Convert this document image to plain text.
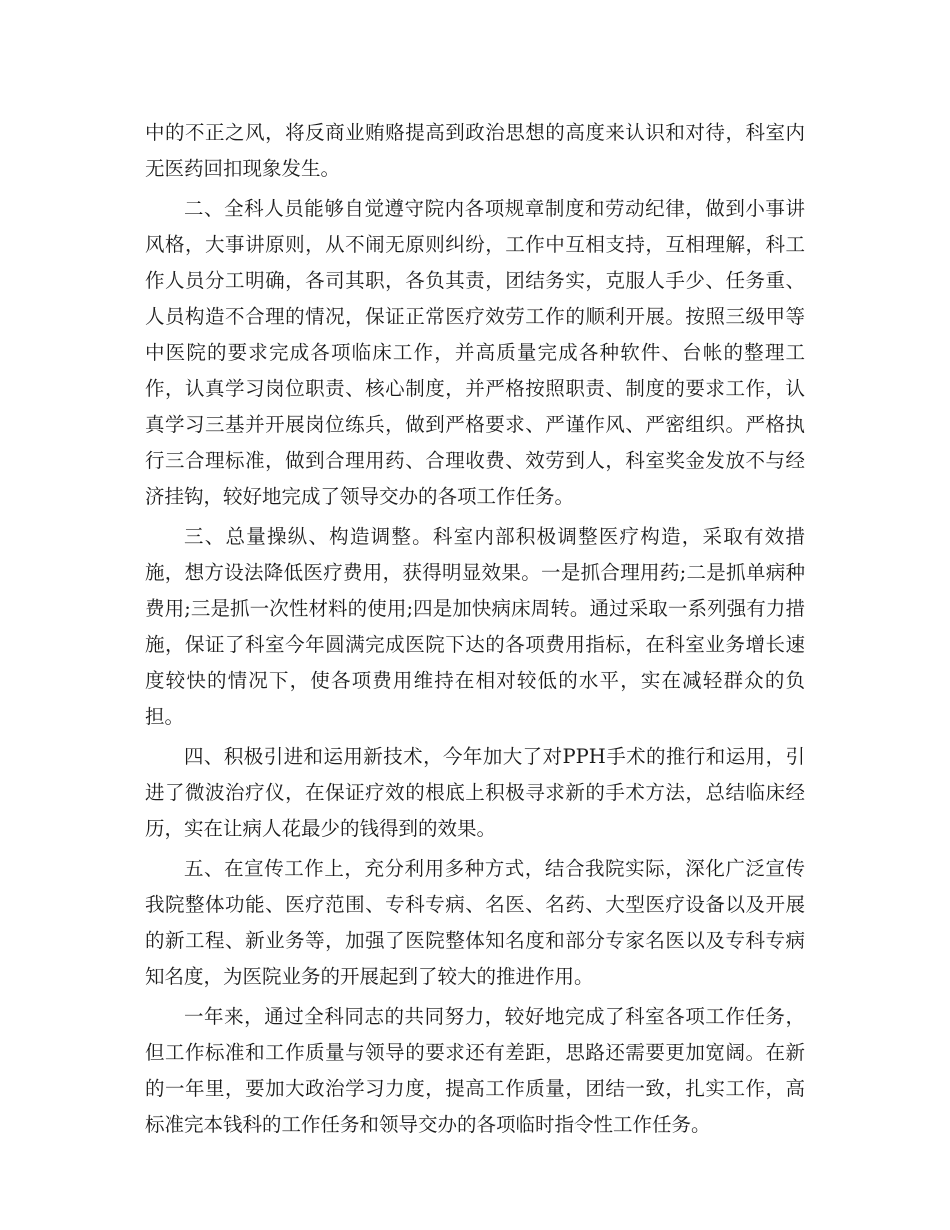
中的不正之风，将反商业贿赂提高到政治思想的高度来认识和对待，科室内无医药回扣现象发生。

二、全科人员能够自觉遵守院内各项规章制度和劳动纪律，做到小事讲风格，大事讲原则，从不闹无原则纠纷，工作中互相支持，互相理解，科工作人员分工明确，各司其职，各负其责，团结务实，克服人手少、任务重、人员构造不合理的情况，保证正常医疗效劳工作的顺利开展。按照三级甲等中医院的要求完成各项临床工作，并高质量完成各种软件、台帐的整理工作，认真学习岗位职责、核心制度，并严格按照职责、制度的要求工作，认真学习三基并开展岗位练兵，做到严格要求、严谨作风、严密组织。严格执行三合理标准，做到合理用药、合理收费、效劳到人，科室奖金发放不与经济挂钩，较好地完成了领导交办的各项工作任务。

三、总量操纵、构造调整。科室内部积极调整医疗构造，采取有效措施，想方设法降低医疗费用，获得明显效果。一是抓合理用药;二是抓单病种费用;三是抓一次性材料的使用;四是加快病床周转。通过采取一系列强有力措施，保证了科室今年圆满完成医院下达的各项费用指标，在科室业务增长速度较快的情况下，使各项费用维持在相对较低的水平，实在减轻群众的负担。

四、积极引进和运用新技术，今年加大了对PPH手术的推行和运用，引进了微波治疗仪，在保证疗效的根底上积极寻求新的手术方法，总结临床经历，实在让病人花最少的钱得到的效果。

五、在宣传工作上，充分利用多种方式，结合我院实际，深化广泛宣传我院整体功能、医疗范围、专科专病、名医、名药、大型医疗设备以及开展的新工程、新业务等，加强了医院整体知名度和部分专家名医以及专科专病知名度，为医院业务的开展起到了较大的推进作用。

一年来，通过全科同志的共同努力，较好地完成了科室各项工作任务，但工作标准和工作质量与领导的要求还有差距，思路还需要更加宽阔。在新的一年里，要加大政治学习力度，提高工作质量，团结一致，扎实工作，高标准完本钱科的工作任务和领导交办的各项临时指令性工作任务。
